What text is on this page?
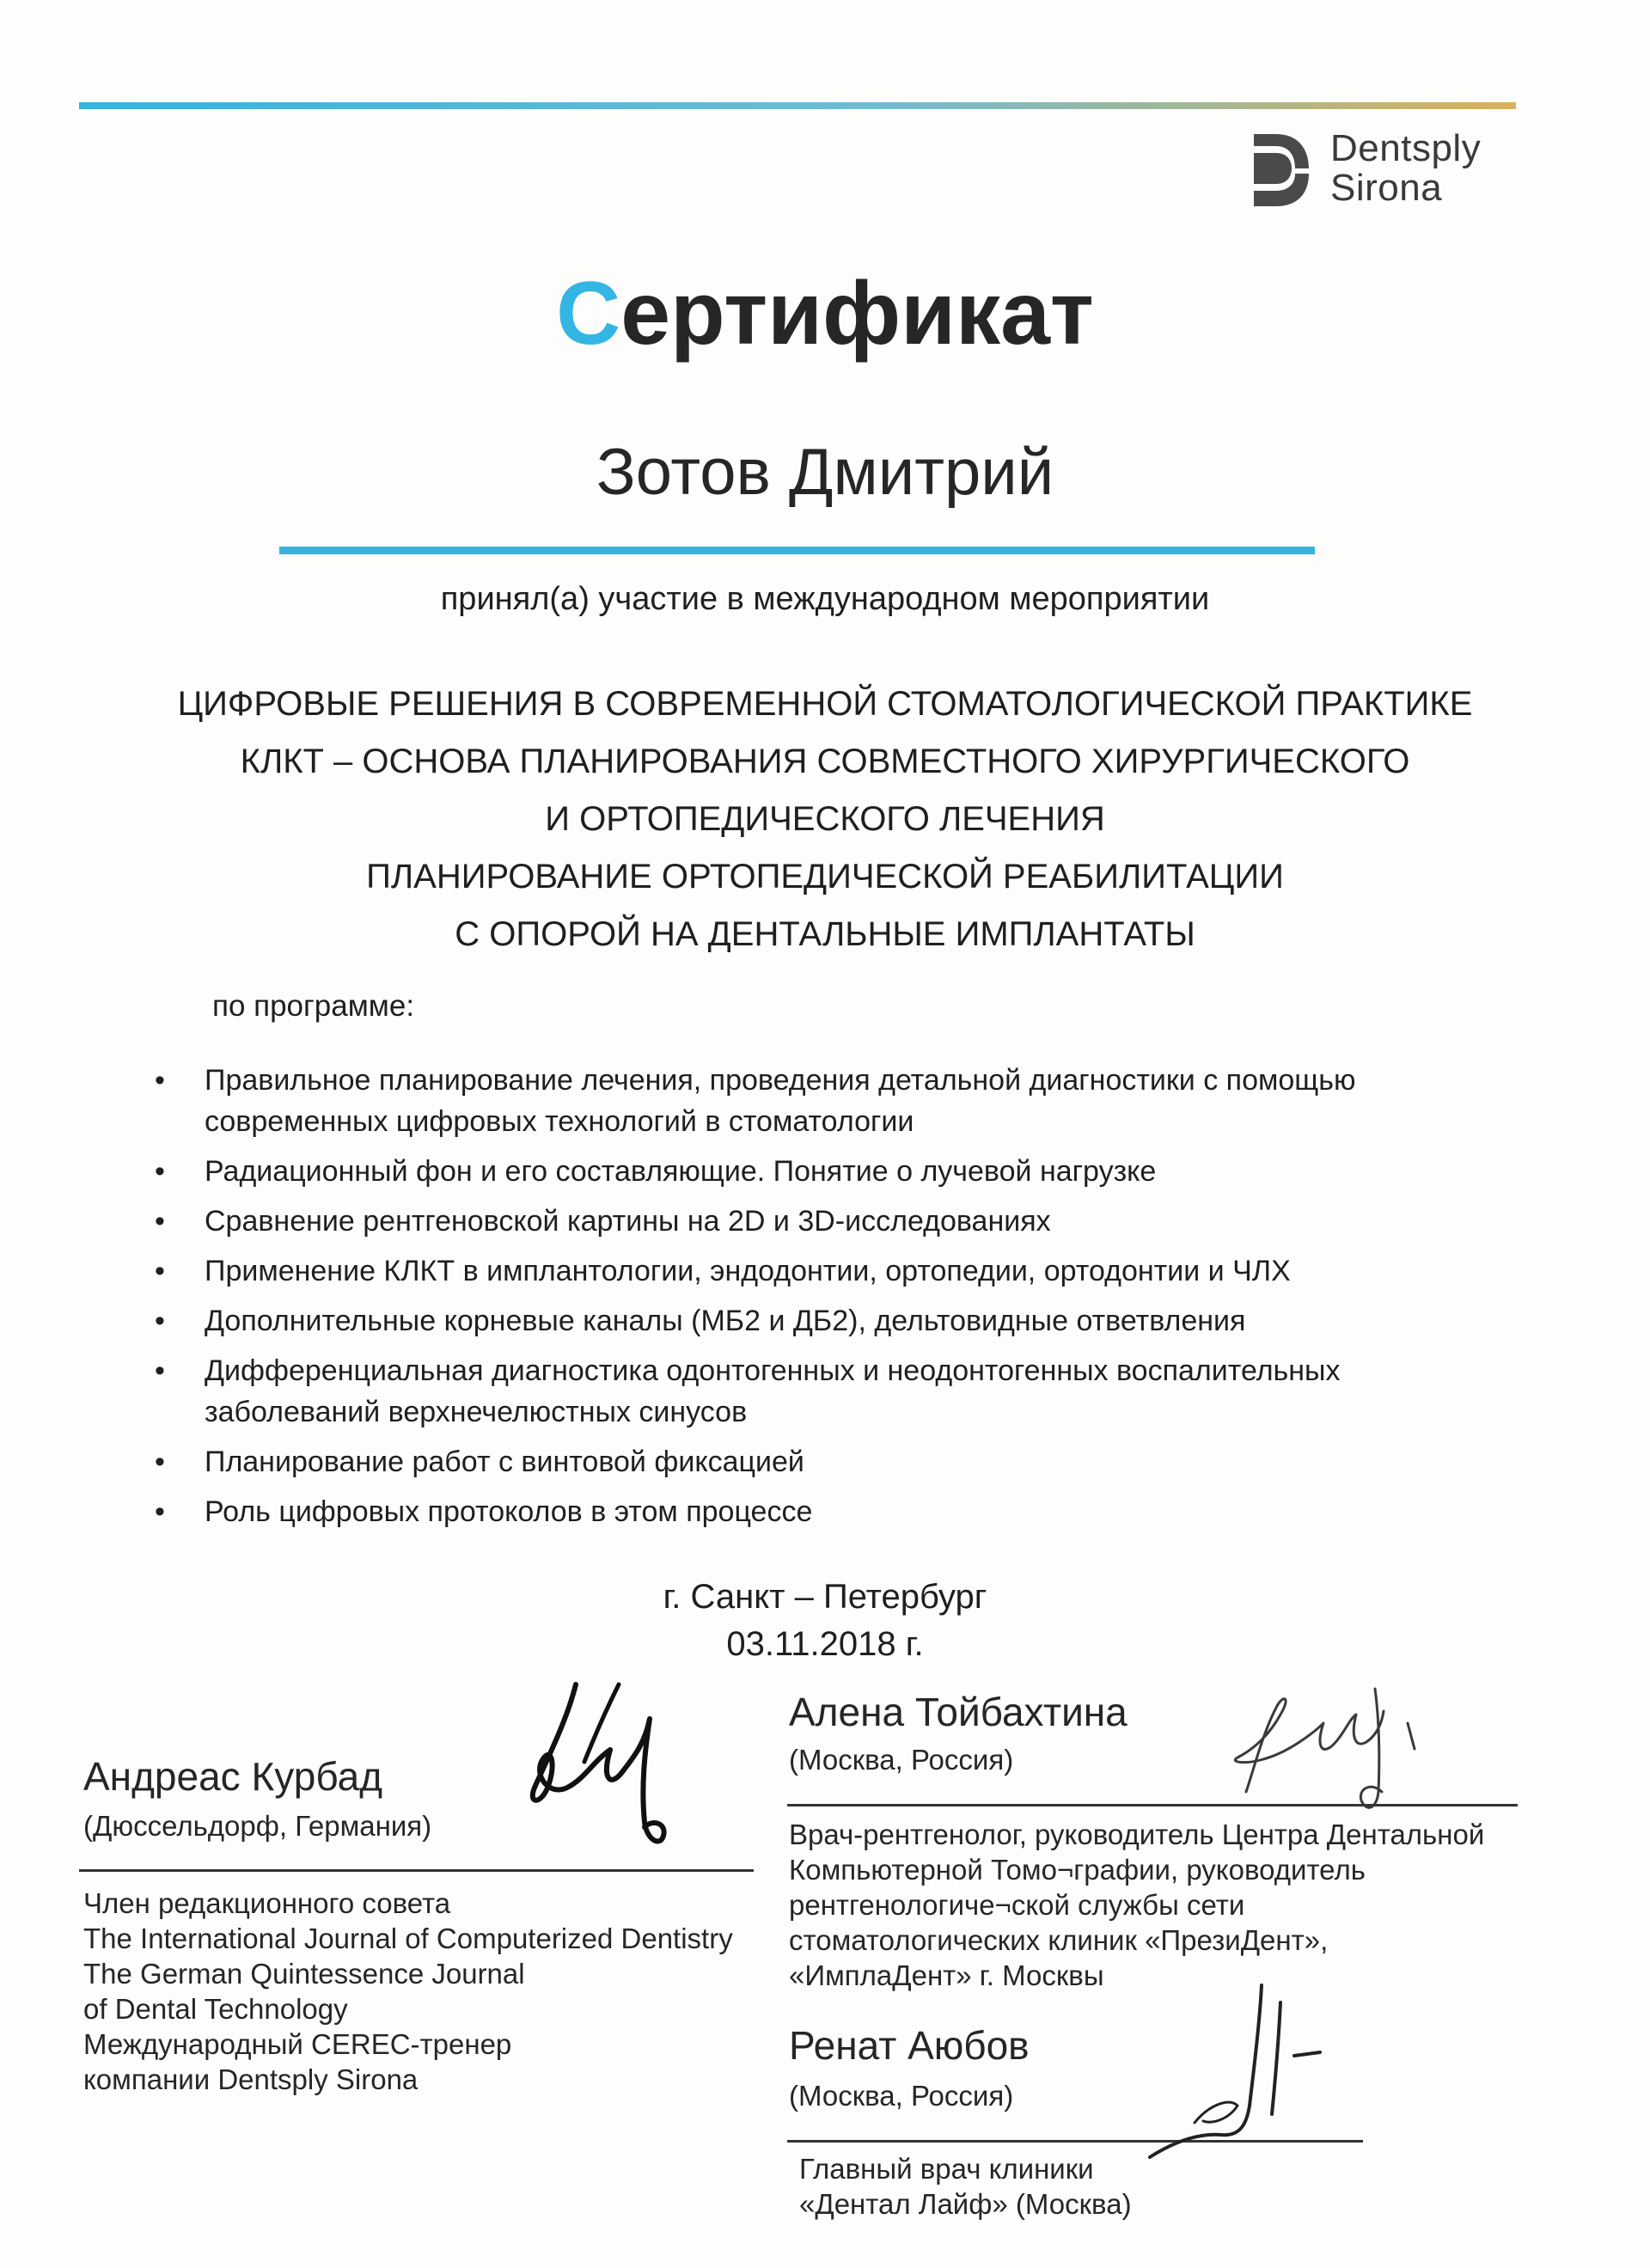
Dentsply
Sirona
Сертификат
Зотов Дмитрий
принял(а) участие в международном мероприятии
ЦИФРОВЫЕ РЕШЕНИЯ В СОВРЕМЕННОЙ СТОМАТОЛОГИЧЕСКОЙ ПРАКТИКЕ
КЛКТ – ОСНОВА ПЛАНИРОВАНИЯ СОВМЕСТНОГО ХИРУРГИЧЕСКОГО
И ОРТОПЕДИЧЕСКОГО ЛЕЧЕНИЯ
ПЛАНИРОВАНИЕ ОРТОПЕДИЧЕСКОЙ РЕАБИЛИТАЦИИ
С ОПОРОЙ НА ДЕНТАЛЬНЫЕ ИМПЛАНТАТЫ
по программе:
• Правильное планирование лечения, проведения детальной диагностики с помощью современных цифровых технологий в стоматологии
• Радиационный фон и его составляющие. Понятие о лучевой нагрузке
• Сравнение рентгеновской картины на 2D и 3D-исследованиях
• Применение КЛКТ в имплантологии, эндодонтии, ортопедии, ортодонтии и ЧЛХ
• Дополнительные корневые каналы (МБ2 и ДБ2), дельтовидные ответвления
• Дифференциальная диагностика одонтогенных и неодонтогенных воспалительных заболеваний верхнечелюстных синусов
• Планирование работ с винтовой фиксацией
• Роль цифровых протоколов в этом процессе
г. Санкт – Петербург
03.11.2018 г.
Андреас Курбад
(Дюссельдорф, Германия)
Член редакционного совета
The International Journal of Computerized Dentistry
The German Quintessence Journal
of Dental Technology
Международный CEREC-тренер
компании Dentsply Sirona
Алена Тойбахтина
(Москва, Россия)
Врач-рентгенолог, руководитель Центра Дентальной
Компьютерной Томо¬графии, руководитель
рентгенологиче¬ской службы сети
стоматологических клиник «ПрезиДент»,
«ИмплаДент» г. Москвы
Ренат Аюбов
(Москва, Россия)
Главный врач клиники
«Дентал Лайф» (Москва)
